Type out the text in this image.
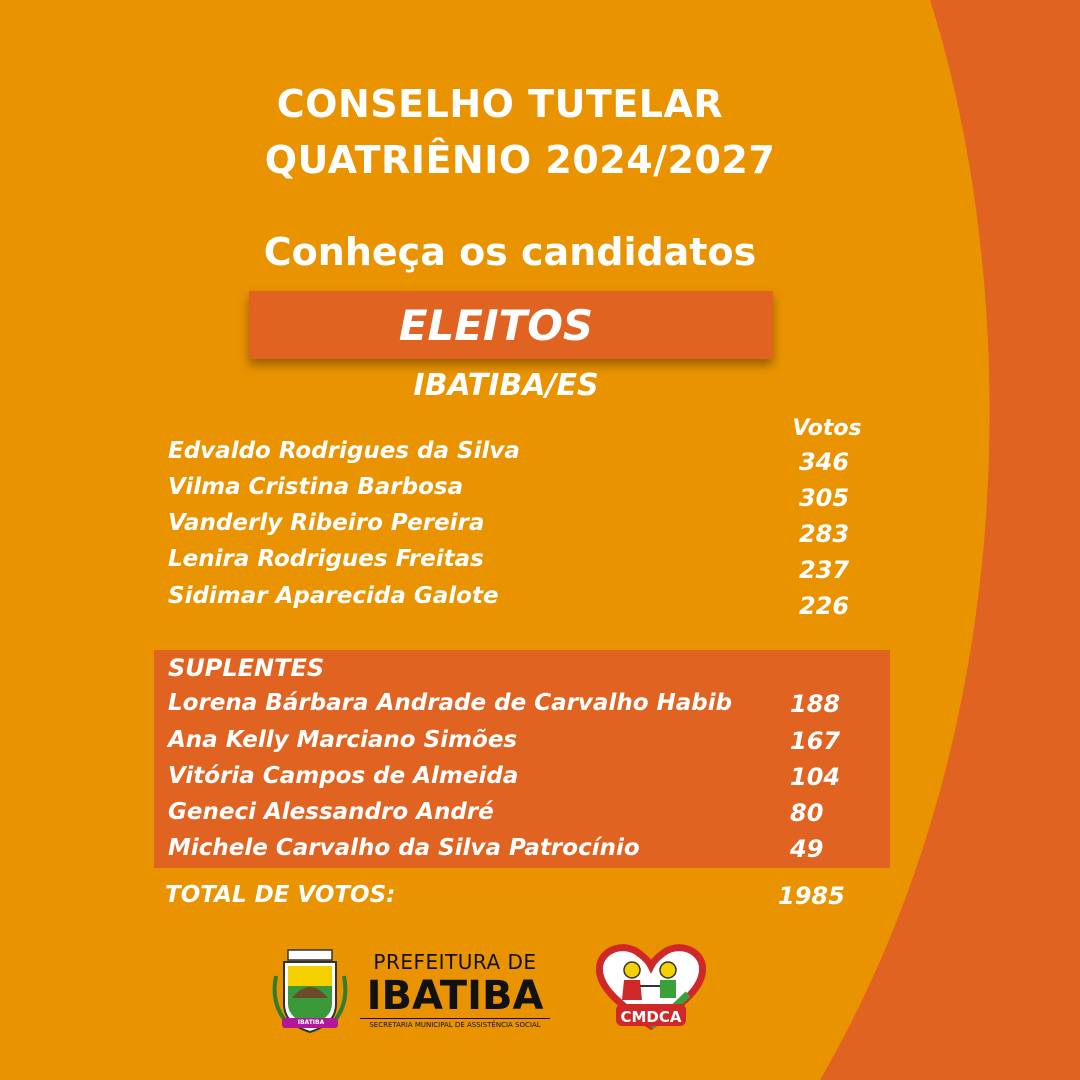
CONSELHO TUTELAR
QUATRIÊNIO 2024/2027
Conheça os candidatos
ELEITOS
IBATIBA/ES
Votos
Edvaldo Rodrigues da Silva	346
Vilma Cristina Barbosa	305
Vanderly Ribeiro Pereira	283
Lenira Rodrigues Freitas	237
Sidimar Aparecida Galote	226
SUPLENTES
Lorena Bárbara Andrade de Carvalho Habib 188
Ana Kelly Marciano Simões	167
Vitória Campos de Almeida	104
Geneci Alessandro André	80
Michele Carvalho da Silva Patrocínio	49
TOTAL DE VOTOS:	1985
IBATIBA
PREFEITURA DE
IBATIBA
SECRETARIA MUNICIPAL DE ASSISTÊNCIA SOCIAL	CMDCA
